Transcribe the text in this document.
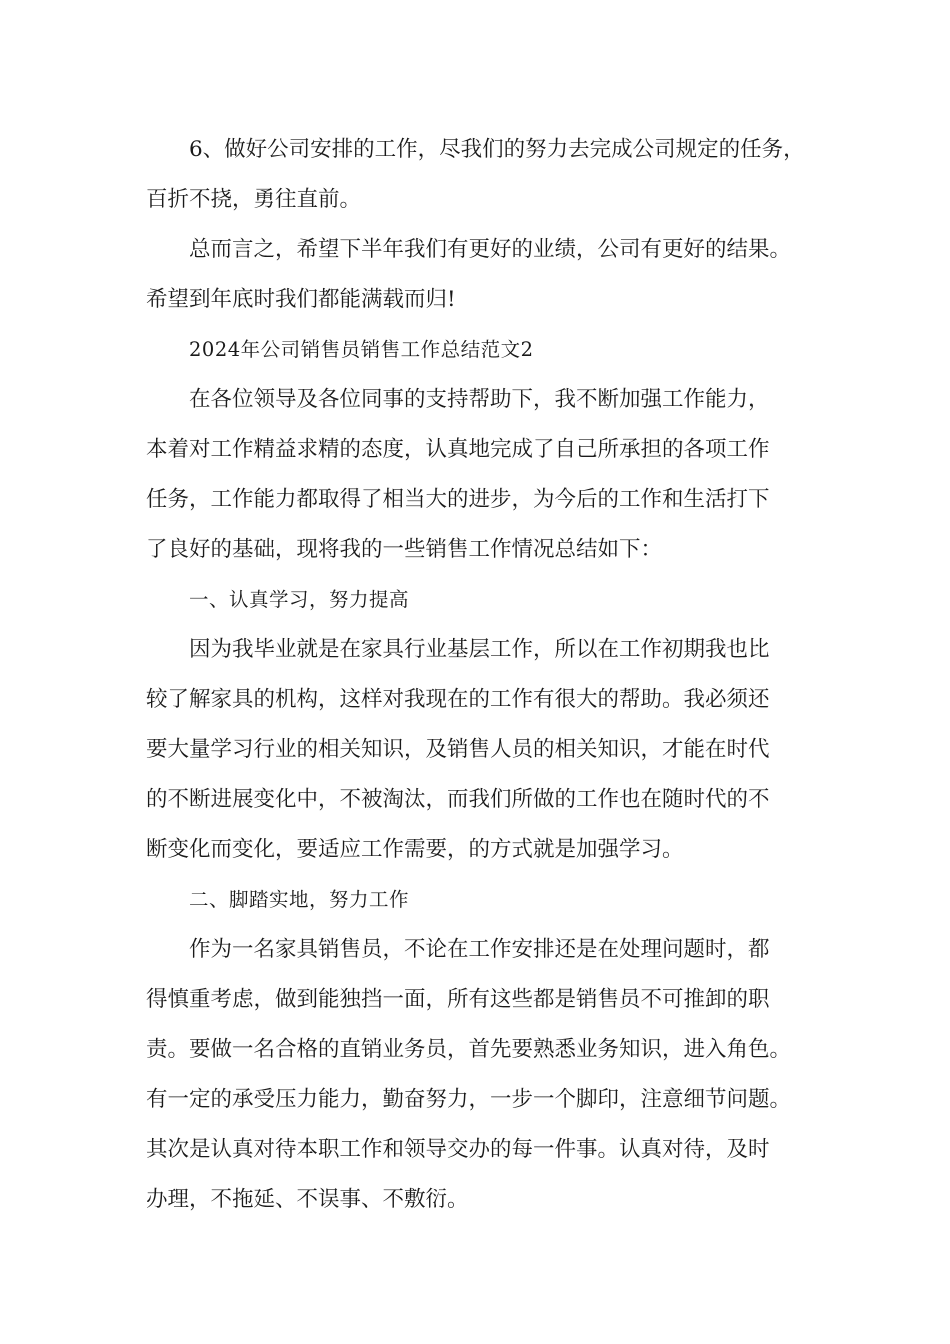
6、做好公司安排的工作，尽我们的努力去完成公司规定的任务，
百折不挠，勇往直前。
总而言之，希望下半年我们有更好的业绩，公司有更好的结果。
希望到年底时我们都能满载而归!
2024年公司销售员销售工作总结范文2
在各位领导及各位同事的支持帮助下，我不断加强工作能力，
本着对工作精益求精的态度，认真地完成了自己所承担的各项工作
任务，工作能力都取得了相当大的进步，为今后的工作和生活打下
了良好的基础，现将我的一些销售工作情况总结如下：
一、认真学习，努力提高
因为我毕业就是在家具行业基层工作，所以在工作初期我也比
较了解家具的机构，这样对我现在的工作有很大的帮助。我必须还
要大量学习行业的相关知识，及销售人员的相关知识，才能在时代
的不断进展变化中，不被淘汰，而我们所做的工作也在随时代的不
断变化而变化，要适应工作需要，的方式就是加强学习。
二、脚踏实地，努力工作
作为一名家具销售员，不论在工作安排还是在处理问题时，都
得慎重考虑，做到能独挡一面，所有这些都是销售员不可推卸的职
责。要做一名合格的直销业务员，首先要熟悉业务知识，进入角色。
有一定的承受压力能力，勤奋努力，一步一个脚印，注意细节问题。
其次是认真对待本职工作和领导交办的每一件事。认真对待，及时
办理，不拖延、不误事、不敷衍。
